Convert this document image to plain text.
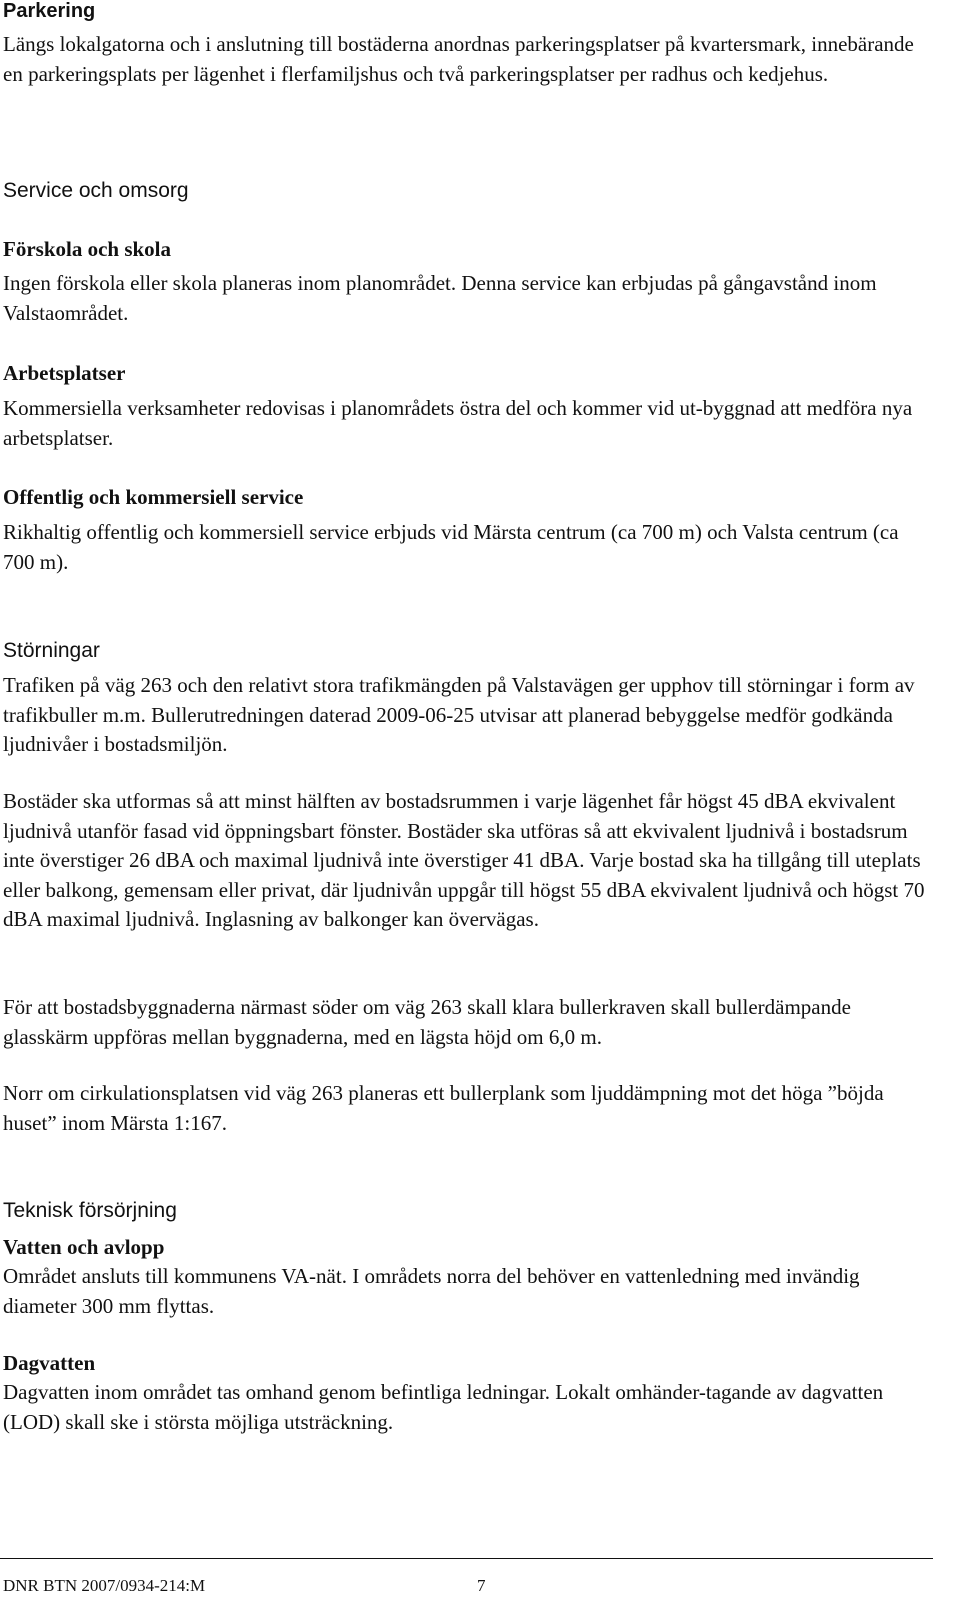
Parkering

Längs lokalgatorna och i anslutning till bostäderna anordnas parkeringsplatser på kvartersmark, innebärande en parkeringsplats per lägenhet i flerfamiljshus och två parkeringsplatser per radhus och kedjehus.

Service och omsorg
Förskola och skola

Ingen förskola eller skola planeras inom planområdet. Denna service kan erbjudas på gångavstånd inom Valstaområdet.

Arbetsplatser

Kommersiella verksamheter redovisas i planområdets östra del och kommer vid ut-byggnad att medföra nya arbetsplatser.

Offentlig och kommersiell service

Rikhaltig offentlig och kommersiell service erbjuds vid Märsta centrum (ca 700 m) och Valsta centrum (ca 700 m).

Störningar

Trafiken på väg 263 och den relativt stora trafikmängden på Valstavägen ger upphov till störningar i form av trafikbuller m.m. Bullerutredningen daterad 2009-06-25 utvisar att planerad bebyggelse medför godkända ljudnivåer i bostadsmiljön.

Bostäder ska utformas så att minst hälften av bostadsrummen i varje lägenhet får högst 45 dBA ekvivalent ljudnivå utanför fasad vid öppningsbart fönster. Bostäder ska utföras så att ekvivalent ljudnivå i bostadsrum inte överstiger 26 dBA och maximal ljudnivå inte överstiger 41 dBA. Varje bostad ska ha tillgång till uteplats eller balkong, gemensam eller privat, där ljudnivån uppgår till högst 55 dBA ekvivalent ljudnivå och högst 70 dBA maximal ljudnivå. Inglasning av balkonger kan övervägas.

För att bostadsbyggnaderna närmast söder om väg 263 skall klara bullerkraven skall bullerdämpande glasskärm uppföras mellan byggnaderna, med en lägsta höjd om 6,0 m.

Norr om cirkulationsplatsen vid väg 263 planeras ett bullerplank som ljuddämpning mot det höga ”böjda huset” inom Märsta 1:167.

Teknisk försörjning
Vatten och avlopp

Området ansluts till kommunens VA-nät. I områdets norra del behöver en vattenledning med invändig diameter 300 mm flyttas.

Dagvatten

Dagvatten inom området tas omhand genom befintliga ledningar. Lokalt omhänder-tagande av dagvatten (LOD) skall ske i största möjliga utsträckning.

DNR BTN 2007/0934-214:M	7
